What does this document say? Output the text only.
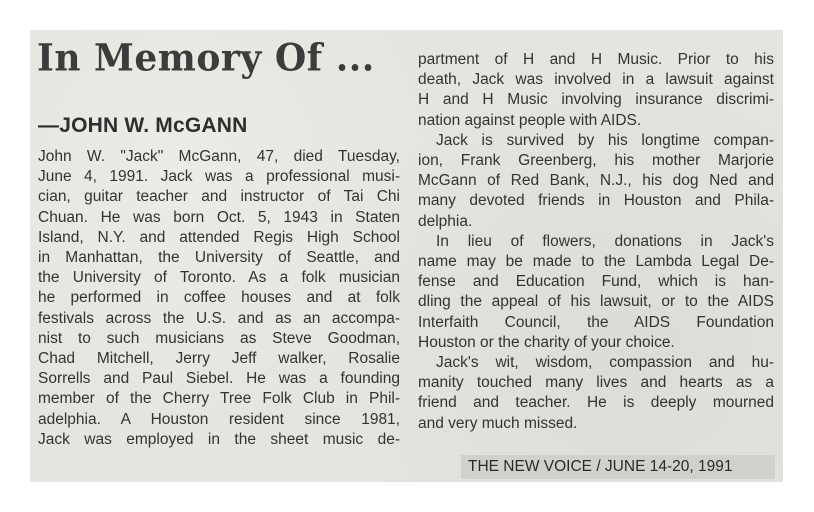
In Memory Of ...
—JOHN W. McGANN
John W. "Jack" McGann, 47, died Tuesday,
June 4, 1991. Jack was a professional musi-
cian, guitar teacher and instructor of Tai Chi
Chuan. He was born Oct. 5, 1943 in Staten
Island, N.Y. and attended Regis High School
in Manhattan, the University of Seattle, and
the University of Toronto. As a folk musician
he performed in coffee houses and at folk
festivals across the U.S. and as an accompa-
nist to such musicians as Steve Goodman,
Chad Mitchell, Jerry Jeff walker, Rosalie
Sorrells and Paul Siebel. He was a founding
member of the Cherry Tree Folk Club in Phil-
adelphia. A Houston resident since 1981,
Jack was employed in the sheet music de-
partment of H and H Music. Prior to his
death, Jack was involved in a lawsuit against
H and H Music involving insurance discrimi-
nation against people with AIDS.
Jack is survived by his longtime compan-
ion, Frank Greenberg, his mother Marjorie
McGann of Red Bank, N.J., his dog Ned and
many devoted friends in Houston and Phila-
delphia.
In lieu of flowers, donations in Jack's
name may be made to the Lambda Legal De-
fense and Education Fund, which is han-
dling the appeal of his lawsuit, or to the AIDS
Interfaith Council, the AIDS Foundation
Houston or the charity of your choice.
Jack's wit, wisdom, compassion and hu-
manity touched many lives and hearts as a
friend and teacher. He is deeply mourned
and very much missed.
THE NEW VOICE / JUNE 14-20, 1991
